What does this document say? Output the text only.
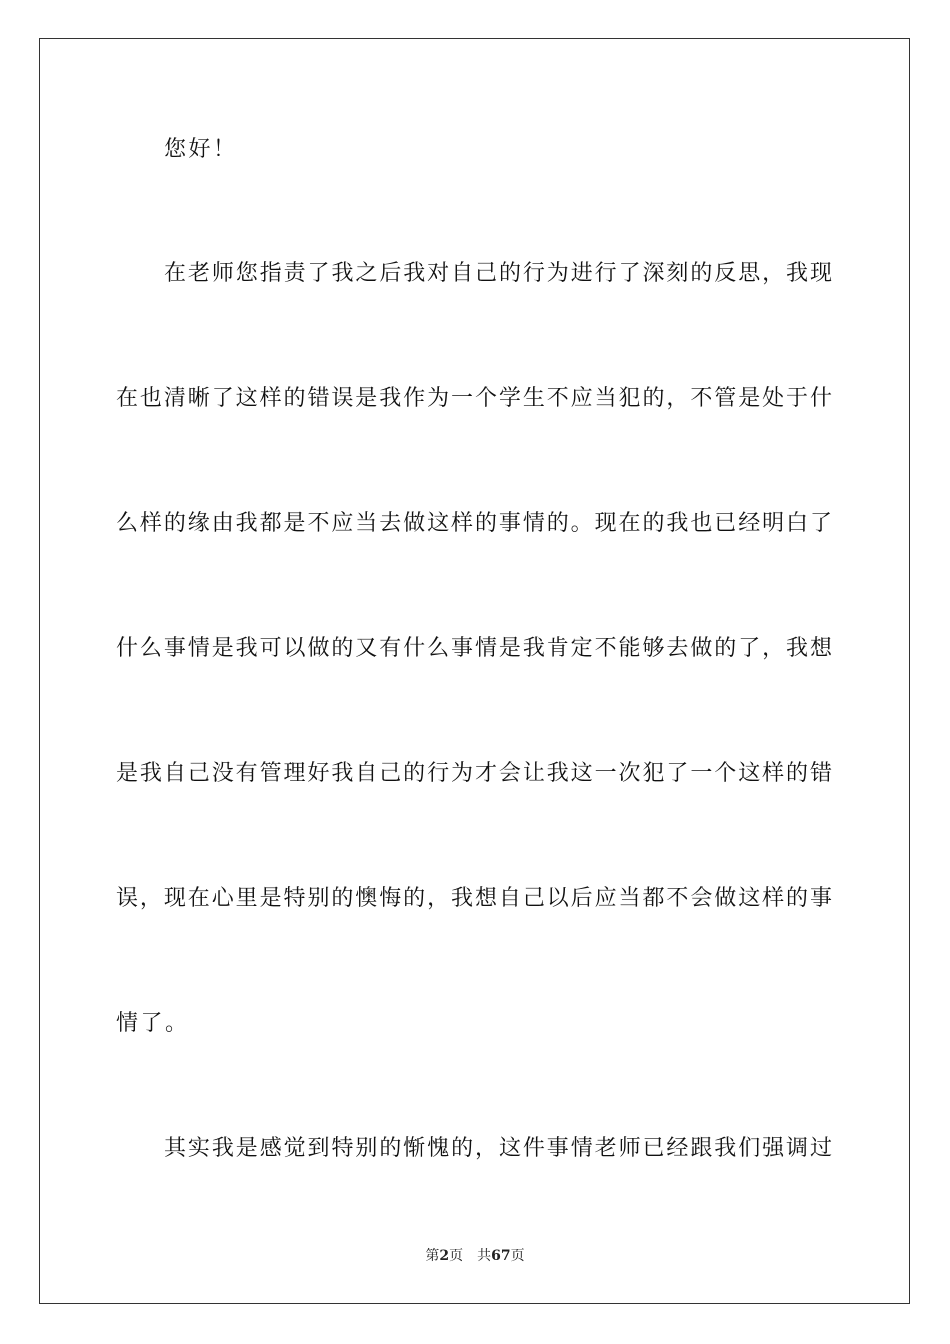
您好！
在老师您指责了我之后我对自己的行为进行了深刻的反思，我现
在也清晰了这样的错误是我作为一个学生不应当犯的，不管是处于什
么样的缘由我都是不应当去做这样的事情的。现在的我也已经明白了
什么事情是我可以做的又有什么事情是我肯定不能够去做的了，我想
是我自己没有管理好我自己的行为才会让我这一次犯了一个这样的错
误，现在心里是特别的懊悔的，我想自己以后应当都不会做这样的事
情了。
其实我是感觉到特别的惭愧的，这件事情老师已经跟我们强调过
第2页 共67页
